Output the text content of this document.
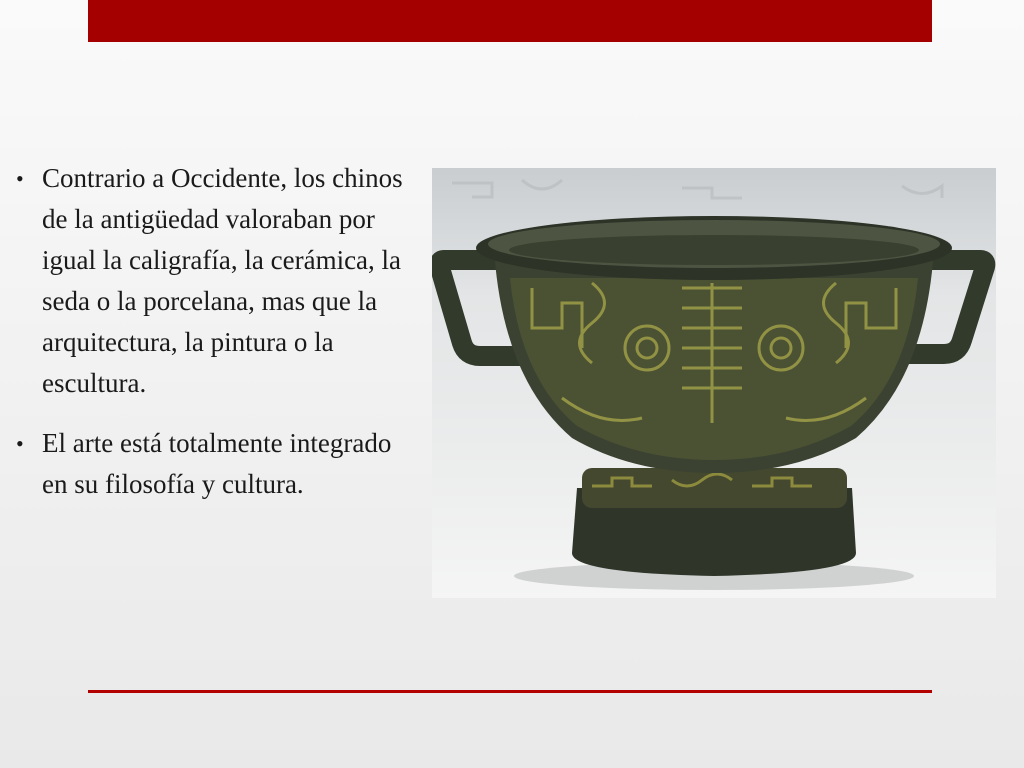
• Contrario a Occidente, los chinos de la antigüedad valoraban por igual la caligrafía, la cerámica, la seda o la porcelana, mas que la arquitectura, la pintura o la escultura.
• El arte está totalmente integrado en su filosofía y cultura.
